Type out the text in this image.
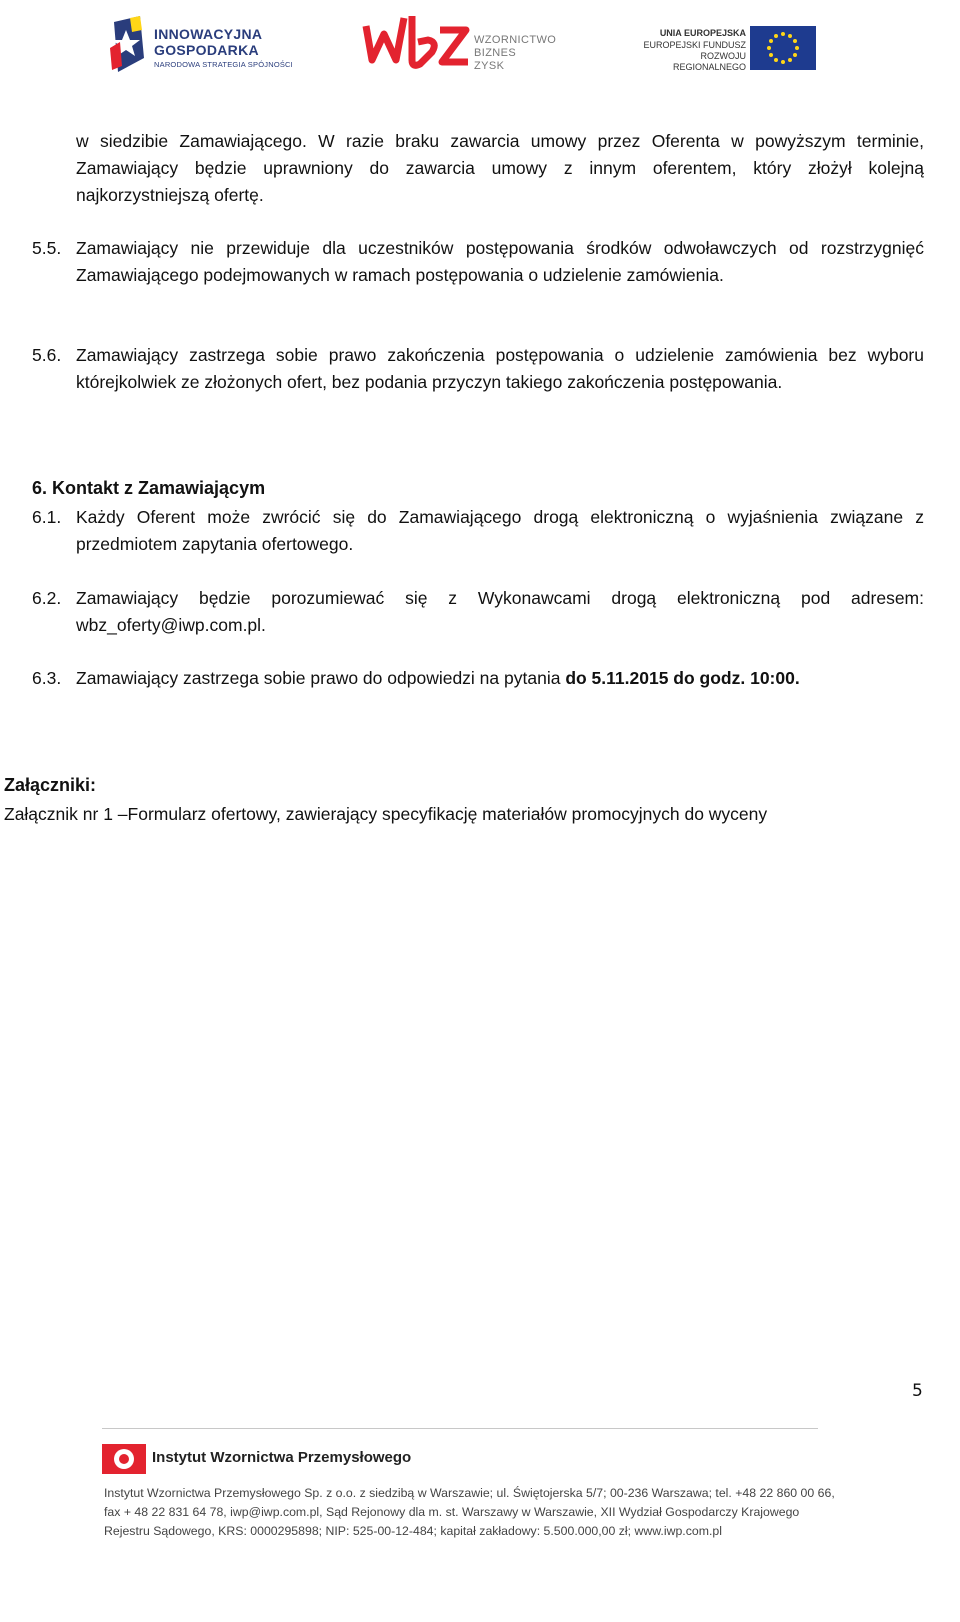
INNOWACYJNA
GOSPODARKA
NARODOWA STRATEGIA SPÓJNOŚCI
WZORNICTWO
BIZNES
ZYSK
UNIA EUROPEJSKA
EUROPEJSKI FUNDUSZ
ROZWOJU REGIONALNEGO
w siedzibie Zamawiającego. W razie braku zawarcia umowy przez Oferenta w powyższym terminie, Zamawiający będzie uprawniony do zawarcia umowy z innym oferentem, który złożył kolejną najkorzystniejszą ofertę.
5.5. Zamawiający nie przewiduje dla uczestników postępowania środków odwoławczych od rozstrzygnięć Zamawiającego podejmowanych w ramach postępowania o udzielenie zamówienia.
5.6. Zamawiający zastrzega sobie prawo zakończenia postępowania o udzielenie zamówienia bez wyboru którejkolwiek ze złożonych ofert, bez podania przyczyn takiego zakończenia postępowania.
6. Kontakt z Zamawiającym
6.1. Każdy Oferent może zwrócić się do Zamawiającego drogą elektroniczną o wyjaśnienia związane z przedmiotem zapytania ofertowego.
6.2. Zamawiający będzie porozumiewać się z Wykonawcami drogą elektroniczną pod adresem: wbz_oferty@iwp.com.pl.
6.3. Zamawiający zastrzega sobie prawo do odpowiedzi na pytania do 5.11.2015 do godz. 10:00.
Załączniki:
Załącznik nr 1 –Formularz ofertowy, zawierający specyfikację materiałów promocyjnych do wyceny
5
Instytut Wzornictwa Przemysłowego
Instytut Wzornictwa Przemysłowego Sp. z o.o. z siedzibą w Warszawie; ul. Świętojerska 5/7; 00-236 Warszawa; tel. +48 22 860 00 66,
fax + 48 22 831 64 78, iwp@iwp.com.pl, Sąd Rejonowy dla m. st. Warszawy w Warszawie, XII Wydział Gospodarczy Krajowego
Rejestru Sądowego, KRS: 0000295898; NIP: 525-00-12-484; kapitał zakładowy: 5.500.000,00 zł; www.iwp.com.pl
